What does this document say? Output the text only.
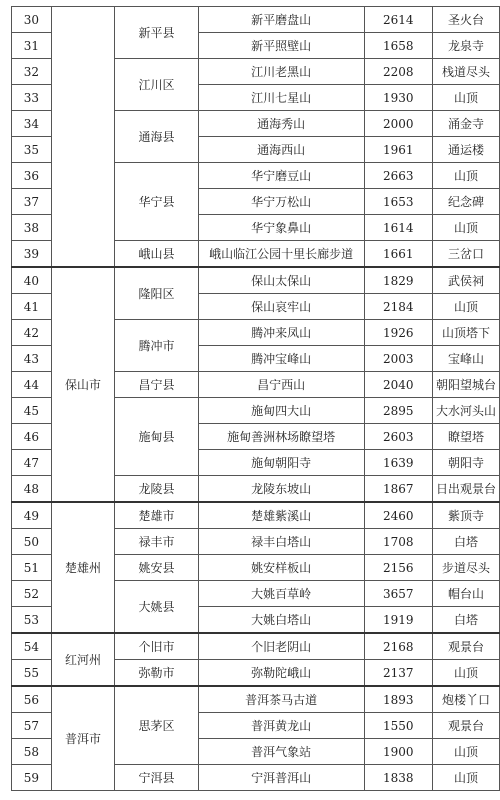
30		新平县	新平磨盘山	2614	圣火台
31			新平照壁山	1658	龙泉寺
32		江川区	江川老黑山	2208	栈道尽头
33			江川七星山	1930	山顶
34		通海县	通海秀山	2000	涌金寺
35			通海西山	1961	通运楼
36		华宁县	华宁磨豆山	2663	山顶
37			华宁万松山	1653	纪念碑
38			华宁象鼻山	1614	山顶
39		峨山县	峨山临江公园十里长廊步道	1661	三岔口
40	保山市	隆阳区	保山太保山	1829	武侯祠
41			保山哀牢山	2184	山顶
42		腾冲市	腾冲来凤山	1926	山顶塔下
43			腾冲宝峰山	2003	宝峰山
44		昌宁县	昌宁西山	2040	朝阳望城台
45		施甸县	施甸四大山	2895	大水河头山
46			施甸善洲林场瞭望塔	2603	瞭望塔
47			施甸朝阳寺	1639	朝阳寺
48		龙陵县	龙陵东坡山	1867	日出观景台
49	楚雄州	楚雄市	楚雄紫溪山	2460	紫顶寺
50		禄丰市	禄丰白塔山	1708	白塔
51		姚安县	姚安样板山	2156	步道尽头
52		大姚县	大姚百草岭	3657	帽台山
53			大姚白塔山	1919	白塔
54	红河州	个旧市	个旧老阴山	2168	观景台
55		弥勒市	弥勒陀峨山	2137	山顶
56	普洱市	思茅区	普洱茶马古道	1893	炮楼丫口
57			普洱黄龙山	1550	观景台
58			普洱气象站	1900	山顶
59		宁洱县	宁洱普洱山	1838	山顶
